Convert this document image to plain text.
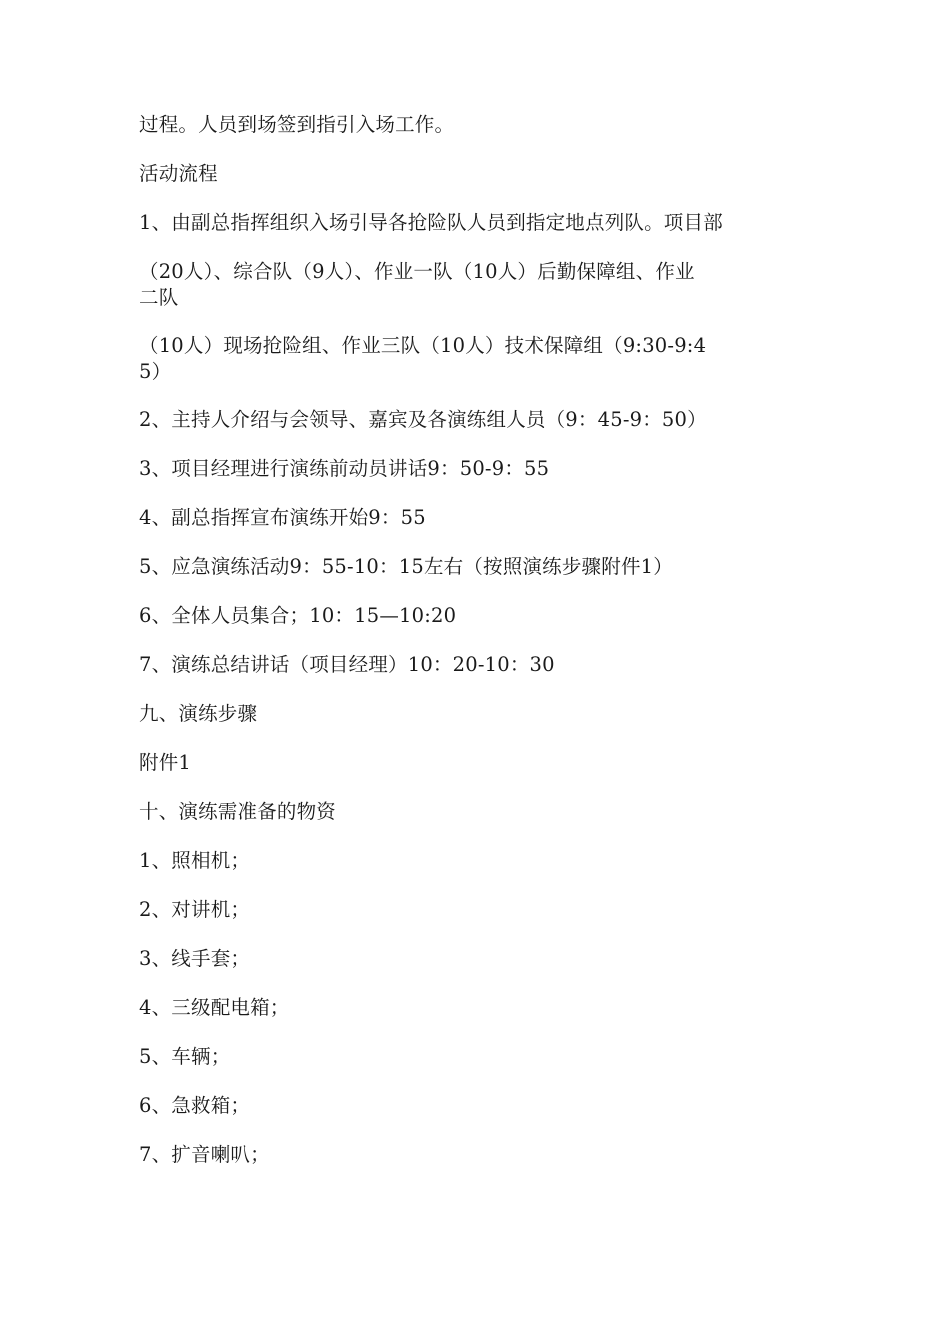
过程。人员到场签到指引入场工作。
活动流程
1、由副总指挥组织入场引导各抢险队人员到指定地点列队。项目部
（20人）、综合队（9人）、作业一队（10人）后勤保障组、作业
二队
（10人）现场抢险组、作业三队（10人）技术保障组（9:30-9:4
5）
2、主持人介绍与会领导、嘉宾及各演练组人员（9：45-9：50）
3、项目经理进行演练前动员讲话9：50-9：55
4、副总指挥宣布演练开始9：55
5、应急演练活动9：55-10：15左右（按照演练步骤附件1）
6、全体人员集合；10：15—10:20
7、演练总结讲话（项目经理）10：20-10：30
九、演练步骤
附件1
十、演练需准备的物资
1、照相机；
2、对讲机；
3、线手套；
4、三级配电箱；
5、车辆；
6、急救箱；
7、扩音喇叭；
